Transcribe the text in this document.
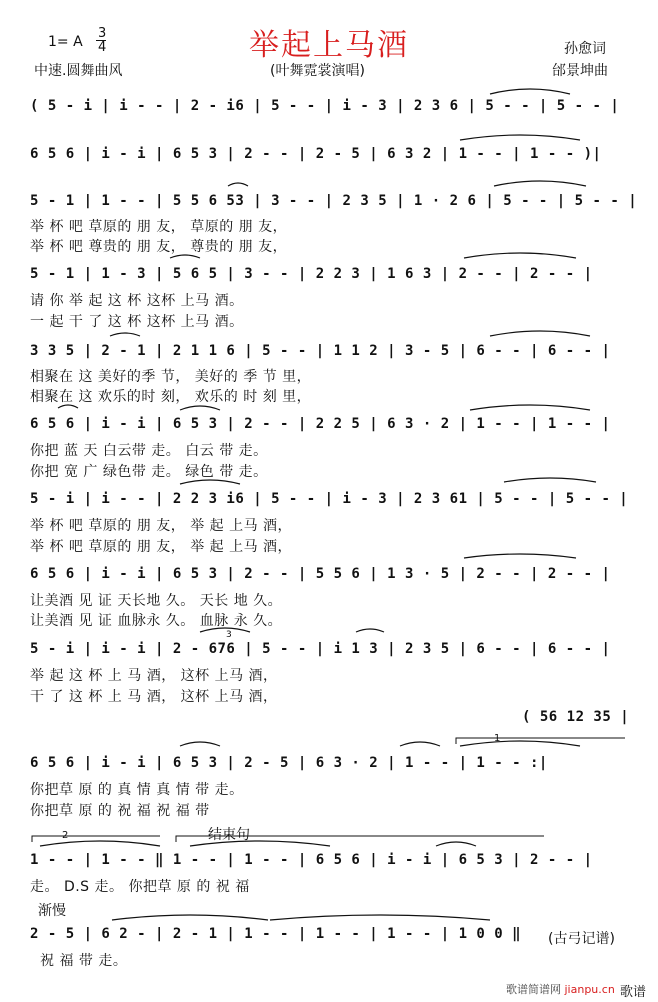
举起上马酒
1= A
3
4
中速.圆舞曲风	(叶舞霓裳演唱)
孙愈词
邰景坤曲
( 5 - i | i - - | 2 - i6 | 5 - - | i - 3 | 2 3 6 | 5 - - | 5 - - |
6 5 6 | i - i | 6 5 3 | 2 - - | 2 - 5 | 6 3 2 | 1 - - | 1 - - )|
5 - 1 | 1 - - | 5 5 6 53 | 3 - - | 2 3 5 | 1 · 2 6 | 5 - - | 5 - - |
举 杯 吧 草原的 朋 友， 草原的 朋 友，
举 杯 吧 尊贵的 朋 友， 尊贵的 朋 友，
5 - 1 | 1 - 3 | 5 6 5 | 3 - - | 2 2 3 | 1 6 3 | 2 - - | 2 - - |
请 你 举 起 这 杯 这杯 上马 酒。
一 起 干 了 这 杯 这杯 上马 酒。
3 3 5 | 2 - 1 | 2 1 1 6 | 5 - - | 1 1 2 | 3 - 5 | 6 - - | 6 - - |
相聚在 这 美好的季 节， 美好的 季 节 里，
相聚在 这 欢乐的时 刻， 欢乐的 时 刻 里，
6 5 6 | i - i | 6 5 3 | 2 - - | 2 2 5 | 6 3 · 2 | 1 - - | 1 - - |
你把 蓝 天 白云带 走。 白云 带 走。
你把 宽 广 绿色带 走。 绿色 带 走。
5 - i | i - - | 2 2 3 i6 | 5 - - | i - 3 | 2 3 61 | 5 - - | 5 - - |
举 杯 吧 草原的 朋 友， 举 起 上马 酒，
举 杯 吧 草原的 朋 友， 举 起 上马 酒，
6 5 6 | i - i | 6 5 3 | 2 - - | 5 5 6 | 1 3 · 5 | 2 - - | 2 - - |
让美酒 见 证 天长地 久。 天长 地 久。
让美酒 见 证 血脉永 久。 血脉 永 久。
5 - i | i - i | 2 - 676 | 5 - - | i 1 3 | 2 3 5 | 6 - - | 6 - - |
举 起 这 杯 上 马 酒， 这杯 上马 酒，
干 了 这 杯 上 马 酒， 这杯 上马 酒，
( 56 12 35 |
6 5 6 | i - i | 6 5 3 | 2 - 5 | 6 3 · 2 | 1 - - | 1 - - :|
你把草 原 的 真 情 真 情 带 走。
你把草 原 的 祝 福 祝 福 带
1 - - | 1 - - ‖ 1 - - | 1 - - | 6 5 6 | i - i | 6 5 3 | 2 - - |
走。 D.S 走。 你把草 原 的 祝 福
2 - 5 | 6 2 - | 2 - 1 | 1 - - | 1 - - | 1 - - | 1 0 0 ‖
祝 福 带 走。
结束句
渐慢
(古弓记谱)
1
2
3
歌谱简谱网 jianpu.cn 歌谱
